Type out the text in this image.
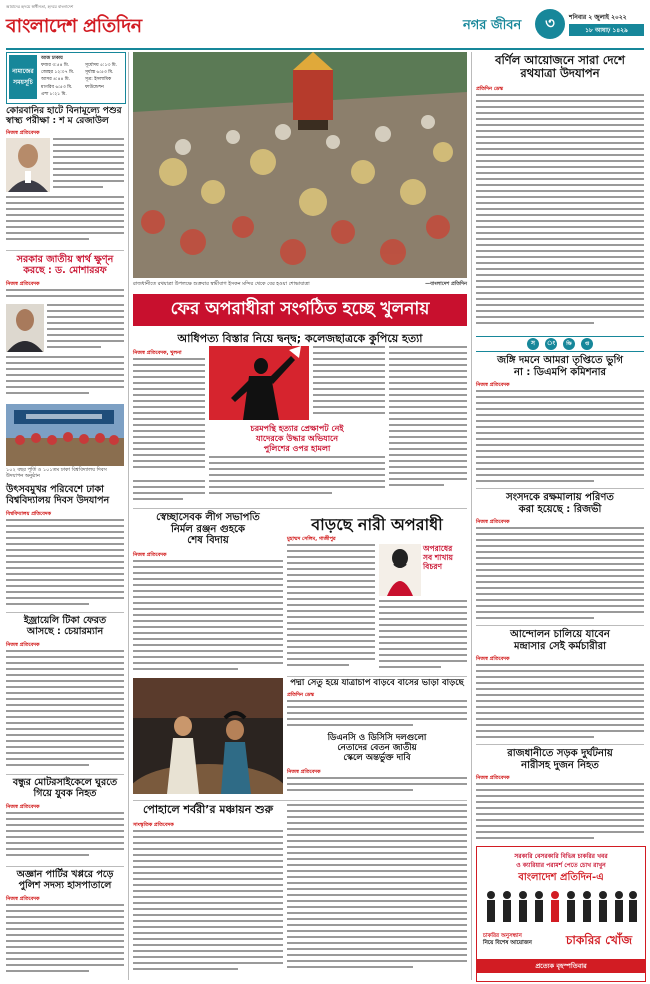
আমাদের হৃদয়ে স্বাধীনতা, হৃদয়ে বাংলাদেশ
বাংলাদেশ প্রতিদিন	নগর জীবন	৩	শনিবার ২ জুলাই ২০২২
১৮ আষাঢ় ১৪২৯
নামাজের
সময়সূচি
আজ ঢাকায়
ফজর ৩:৫৪ মি.
জোহর ১২:০৭ মি.
আসর ৪:৪৪ মি.
মাগরিব ৬:৫৩ মি.
এশা ৮:২১ মি.
সূর্যোদয় ৫:১৩ মি.
সূর্যাস্ত ৬:৫৩ মি.
সূত্র: ইসলামিক ফাউন্ডেশন
কোরবানির হাটে বিনামূল্যে পশুর
স্বাস্থ্য পরীক্ষা : শ ম রেজাউল
নিজস্ব প্রতিবেদক
সরকার জাতীয় স্বার্থ ক্ষুণ্ন
করছে : ড. মোশাররফ
নিজস্ব প্রতিবেদক
১০২ বছর পূর্তি ও ১০১তম ঢাকা বিশ্ববিদ্যালয় দিবস উদযাপন অনুষ্ঠান
উৎসবমুখর পরিবেশে ঢাকা
বিশ্ববিদ্যালয় দিবস উদযাপন
বিশ্ববিদ্যালয় প্রতিবেদক
ইজ্রায়েলি টিকা ফেরত
আসছে : চেয়ারম্যান
নিজস্ব প্রতিবেদক
বন্ধুর মোটরসাইকেলে ঘুরতে
গিয়ে যুবক নিহত
নিজস্ব প্রতিবেদক
অজ্ঞান পার্টির খপ্পরে পড়ে
পুলিশ সদস্য হাসপাতালে
নিজস্ব প্রতিবেদক
রাজধানীতে রথযাত্রা উপলক্ষে শুক্রবার স্বামীবাগ ইসকন মন্দির থেকে বের হওয়া শোভাযাত্রা	—বাংলাদেশ প্রতিদিন
ফের অপরাধীরা সংগঠিত হচ্ছে খুলনায়
আধিপত্য বিস্তার নিয়ে দ্বন্দ্ব; কলেজছাত্রকে কুপিয়ে হত্যা
নিজস্ব প্রতিবেদক, খুলনা
চরমপন্থি হত্যার প্রেক্ষাপট নেই
যাদেরকে উদ্ধার অভিযানে
পুলিশের ওপর হামলা
স্বেচ্ছাসেবক লীগ সভাপতি
নির্মল রঞ্জন গুহকে
শেষ বিদায়
নিজস্ব প্রতিবেদক
বাড়ছে নারী অপরাধী
মুহাম্মদ সেলিম, গাজীপুর
অপরাধের
সব শাখায়
বিচরণ
পদ্মা সেতু হয়ে যাত্রাচাপ বাড়বে বাসের ভাড়া বাড়ছে
প্রতিদিন ডেস্ক
ডিএনসি ও ডিসিসি দলগুলো
নেতাদের বেতন জাতীয়
স্কেলে অন্তর্ভুক্ত দাবি
নিজস্ব প্রতিবেদক
পোহালে শর্বরী’র মঞ্চায়ন শুরু
সাংস্কৃতিক প্রতিবেদক
বর্ণিল আয়োজনে সারা দেশে
রথযাত্রা উদযাপন
প্রতিদিন ডেস্ক
স	ং	ক্ষি	প্ত
জঙ্গি দমনে আমরা তৃপ্তিতে ভুগি
না : ডিএমপি কমিশনার
নিজস্ব প্রতিবেদক
সংসদকে রক্ষমালায় পরিণত
করা হয়েছে : রিজভী
নিজস্ব প্রতিবেদক
আন্দোলন চালিয়ে যাবেন
মন্দ্রাসার সেই কর্মচারীরা
নিজস্ব প্রতিবেদক
রাজধানীতে সড়ক দুর্ঘটনায়
নারীসহ দুজন নিহত
নিজস্ব প্রতিবেদক
সরকারি বেসরকারি বিভিন্ন চাকরির খবর
ও ক্যারিয়ার পরামর্শ পেতে চোখ রাখুন
বাংলাদেশ প্রতিদিন-এ
চাকরির অনুসন্ধান
নিয়ে বিশেষ আয়োজন	চাকরির খোঁজ
প্রত্যেক বৃহস্পতিবার
